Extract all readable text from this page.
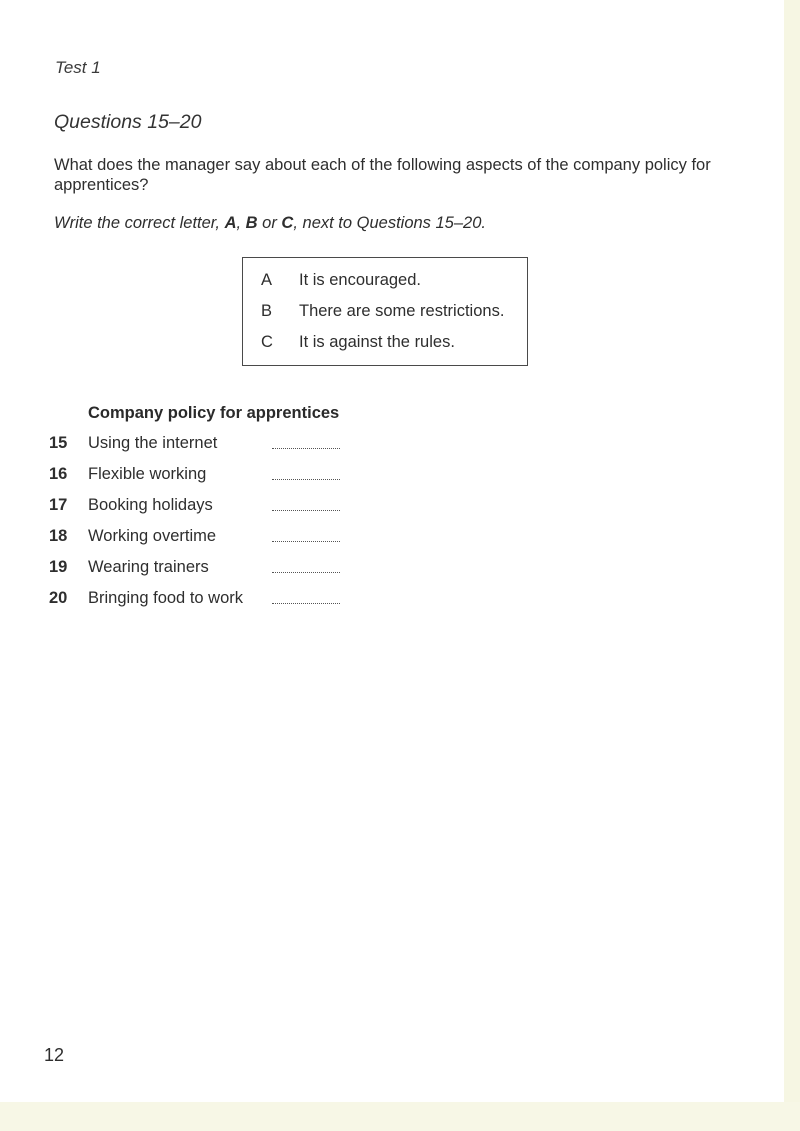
Test 1
Questions 15–20
What does the manager say about each of the following aspects of the company policy for apprentices?
Write the correct letter, A, B or C, next to Questions 15–20.
A	It is encouraged.
B	There are some restrictions.
C	It is against the rules.
Company policy for apprentices
15 Using the internet
16 Flexible working
17 Booking holidays
18 Working overtime
19 Wearing trainers
20 Bringing food to work
12
